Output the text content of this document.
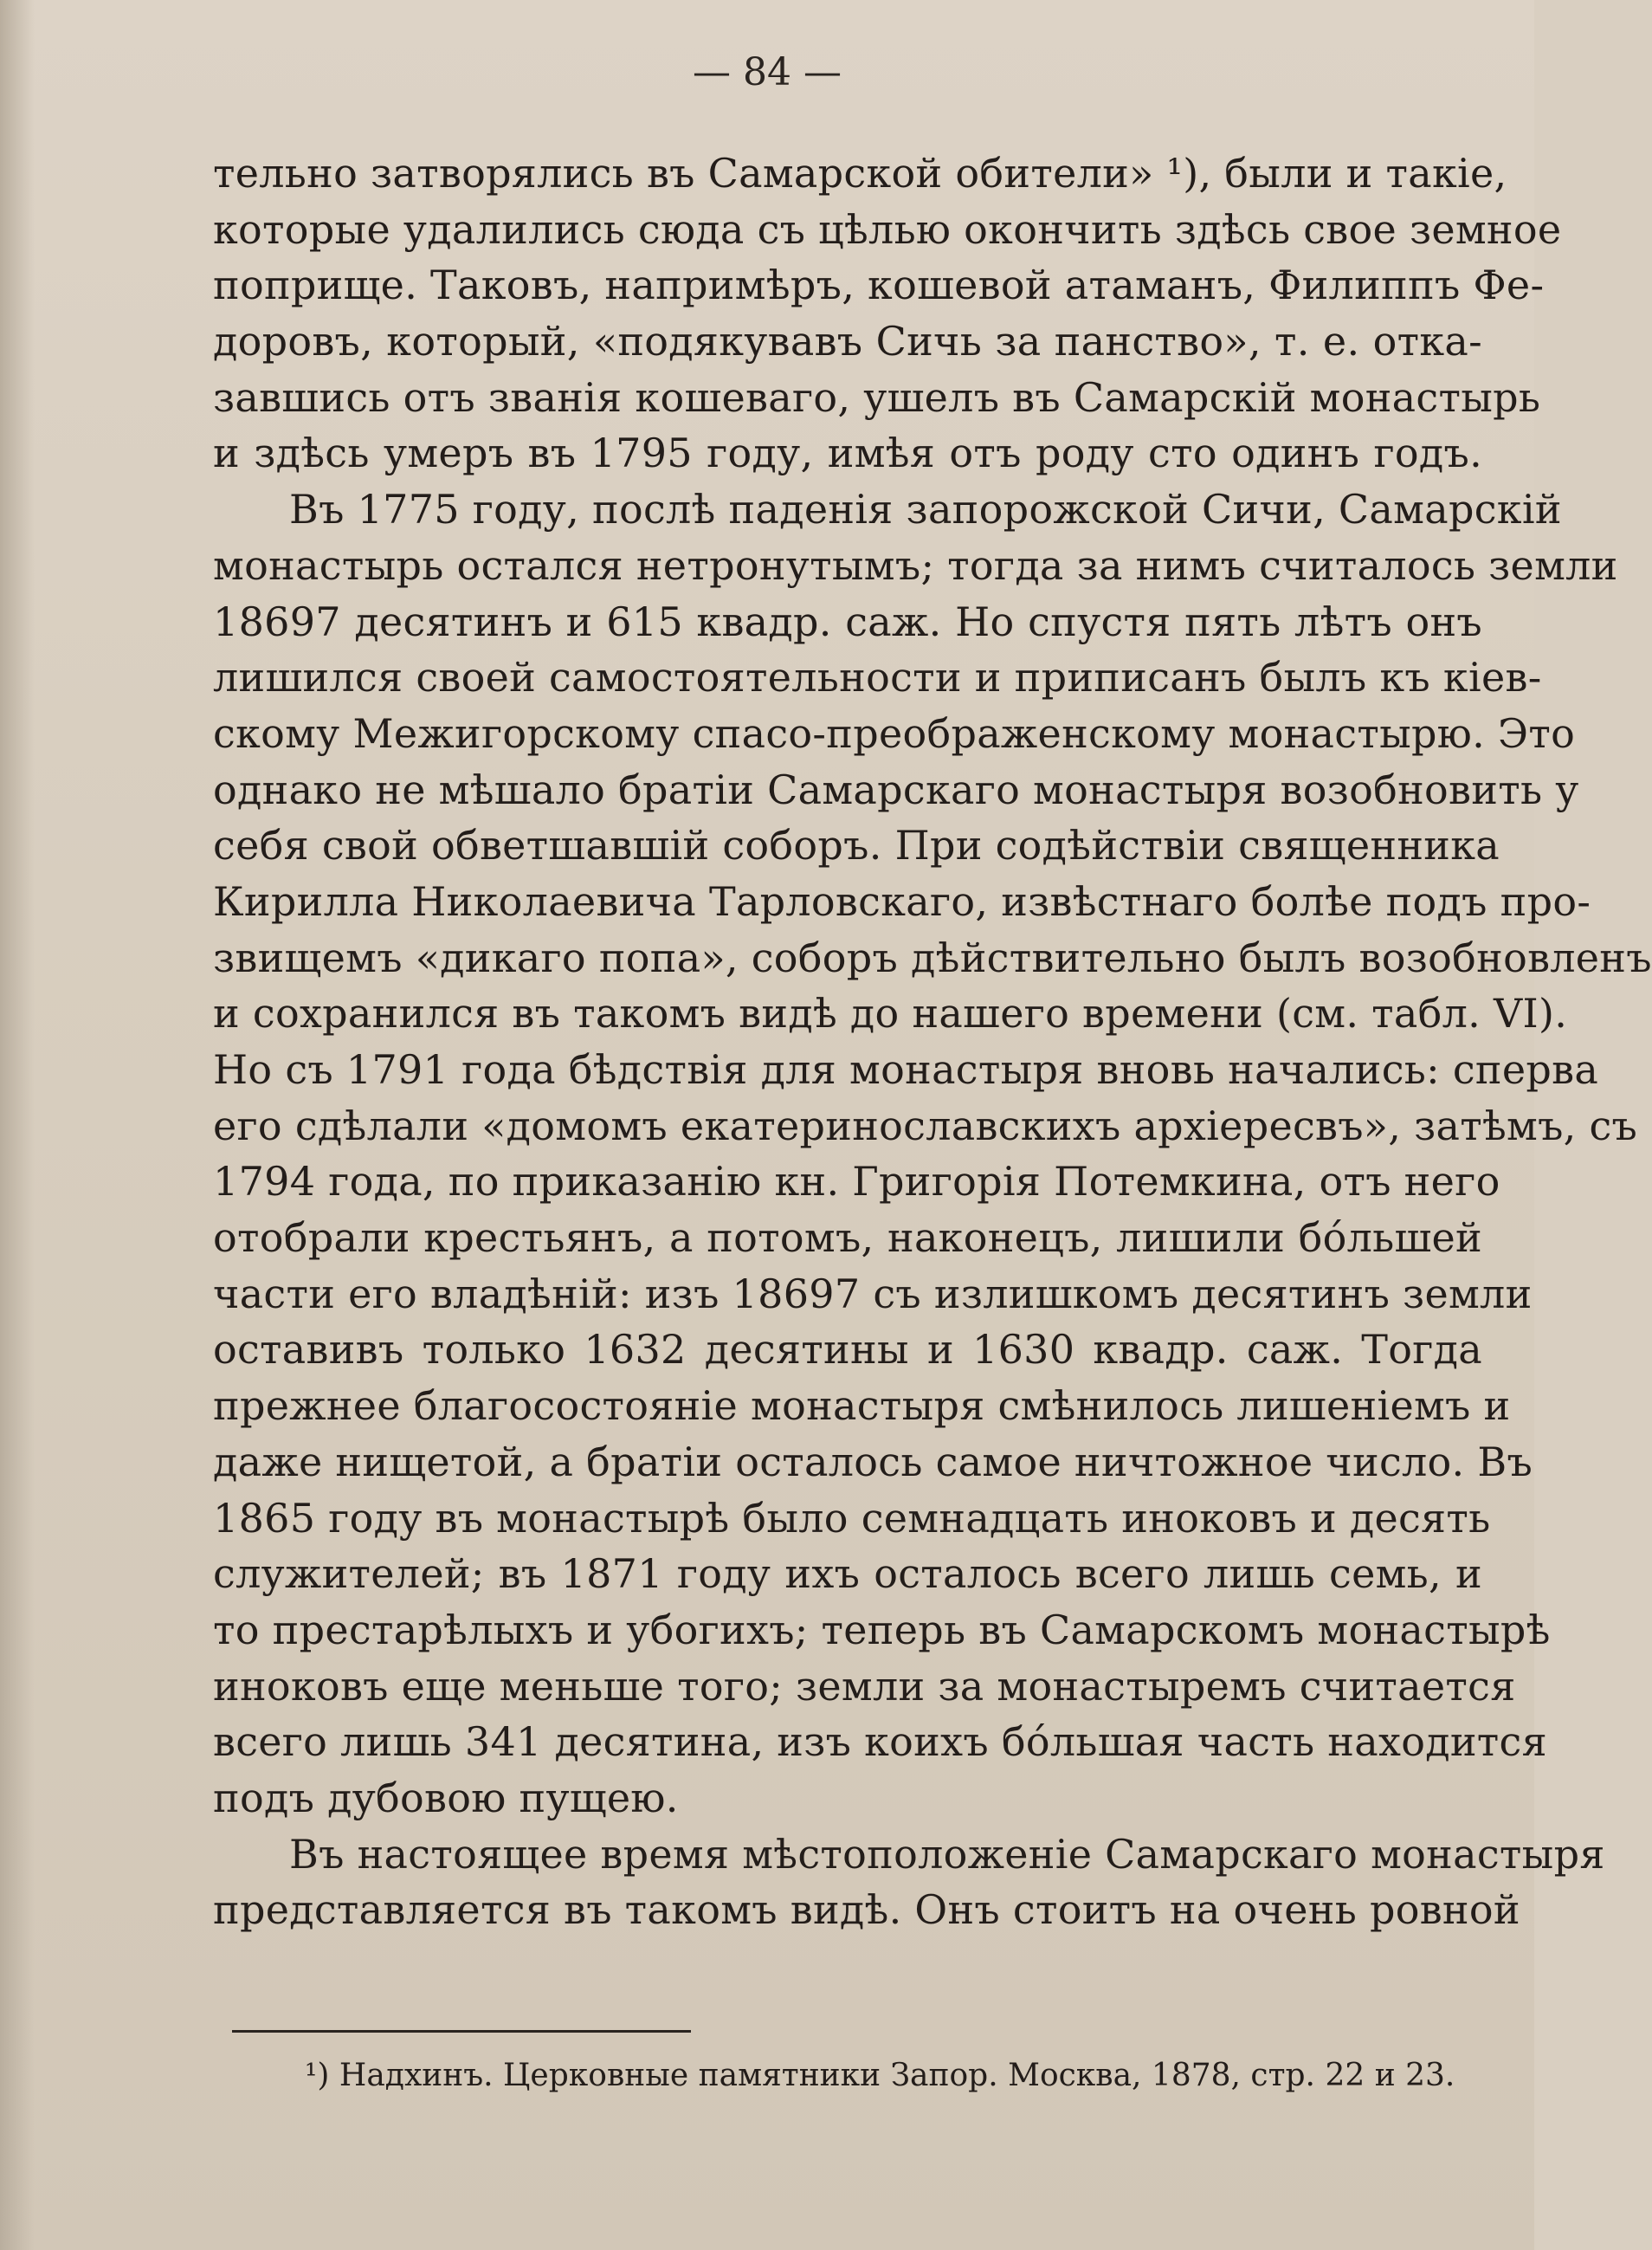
— 84 —
тельно затворялись въ Самарской обители» ¹), были и такіе,
которые удалились сюда съ цѣлью окончить здѣсь свое земное
поприще. Таковъ, напримѣръ, кошевой атаманъ, Филиппъ Фе-
доровъ, который, «подякувавъ Сичь за панство», т. е. отка-
завшись отъ званія кошеваго, ушелъ въ Самарскій монастырь
и здѣсь умеръ въ 1795 году, имѣя отъ роду сто одинъ годъ.
Въ 1775 году, послѣ паденія запорожской Сичи, Самарскій
монастырь остался нетронутымъ; тогда за нимъ считалось земли
18697 десятинъ и 615 квадр. саж. Но спустя пять лѣтъ онъ
лишился своей самостоятельности и приписанъ былъ къ кіев-
скому Межигорскому спасо-преображенскому монастырю. Это
однако не мѣшало братіи Самарскаго монастыря возобновить у
себя свой обветшавшій соборъ. При содѣйствіи священника
Кирилла Николаевича Тарловскаго, извѣстнаго болѣе подъ про-
звищемъ «дикаго попа», соборъ дѣйствительно былъ возобновленъ
и сохранился въ такомъ видѣ до нашего времени (см. табл. VI).
Но съ 1791 года бѣдствія для монастыря вновь начались: сперва
его сдѣлали «домомъ екатеринославскихъ архіересвъ», затѣмъ, съ
1794 года, по приказанію кн. Григорія Потемкина, отъ него
отобрали крестьянъ, а потомъ, наконецъ, лишили бóльшей
части его владѣній: изъ 18697 съ излишкомъ десятинъ земли
оставивъ только 1632 десятины и 1630 квадр. саж. Тогда
прежнее благосостояніе монастыря смѣнилось лишеніемъ и
даже нищетой, а братіи осталось самое ничтожное число. Въ
1865 году въ монастырѣ было семнадцать иноковъ и десять
служителей; въ 1871 году ихъ осталось всего лишь семь, и
то престарѣлыхъ и убогихъ; теперь въ Самарскомъ монастырѣ
иноковъ еще меньше того; земли за монастыремъ считается
всего лишь 341 десятина, изъ коихъ бóльшая часть находится
подъ дубовою пущею.
Въ настоящее время мѣстоположеніе Самарскаго монастыря
представляется въ такомъ видѣ. Онъ стоитъ на очень ровной
¹) Надхинъ. Церковные памятники Запор. Москва, 1878, стр. 22 и 23.
